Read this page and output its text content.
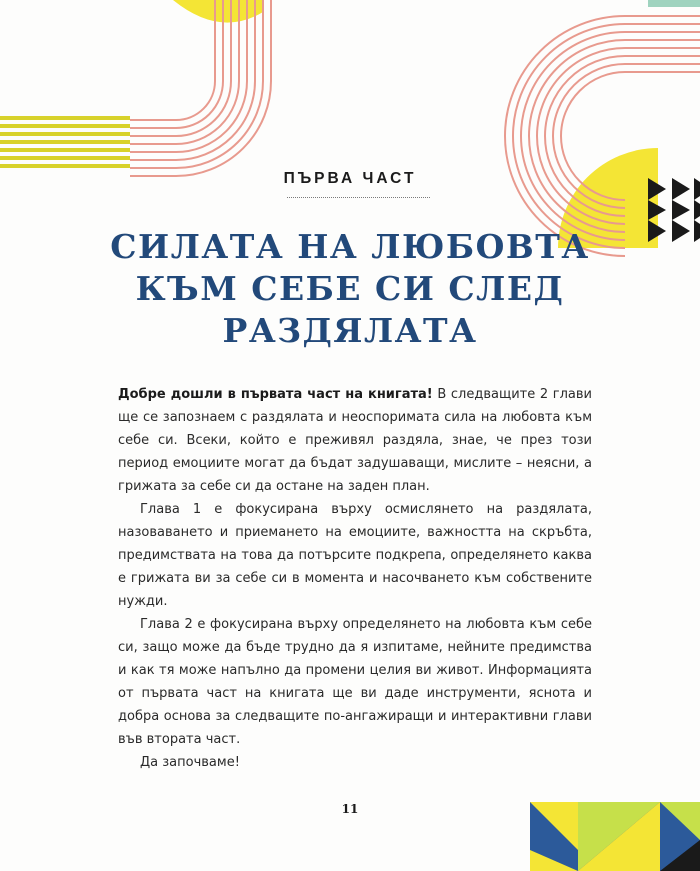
ПЪРВА ЧАСТ
СИЛАТА НА ЛЮБОВТА
КЪМ СЕБЕ СИ СЛЕД
РАЗДЯЛАТА

Добре дошли в първата част на книгата! В следващите 2 глави ще се запознаем с раздялата и неоспоримата сила на любовта към себе си. Всеки, който е преживял раздяла, знае, че през този период емоциите могат да бъдат задушаващи, мислите – неясни, а грижата за себе си да остане на заден план.

Глава 1 е фокусирана върху осмислянето на раздялата, назоваването и приемането на емоциите, важността на скръбта, предимствата на това да потърсите подкрепа, определянето каква е грижата ви за себе си в момента и насочването към собствените нужди.

Глава 2 е фокусирана върху определянето на любовта към себе си, защо може да бъде трудно да я изпитаме, нейните предимства и как тя може напълно да промени целия ви живот. Информацията от първата част на книгата ще ви даде инструменти, яснота и добра основа за следващите по-ангажиращи и интерактивни глави във втората част.

Да започваме!

11
